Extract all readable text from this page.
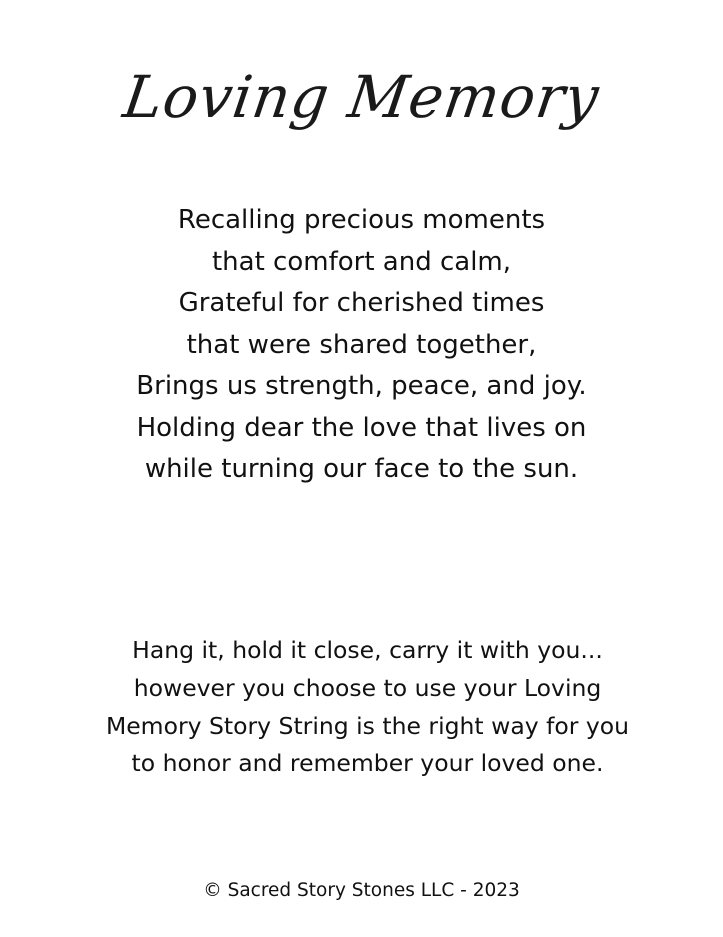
Loving Memory
Recalling precious moments
that comfort and calm,
Grateful for cherished times
that were shared together,
Brings us strength, peace, and joy.
Holding dear the love that lives on
while turning our face to the sun.
Hang it, hold it close, carry it with you... however you choose to use your Loving Memory Story String is the right way for you to honor and remember your loved one.
© Sacred Story Stones LLC - 2023
